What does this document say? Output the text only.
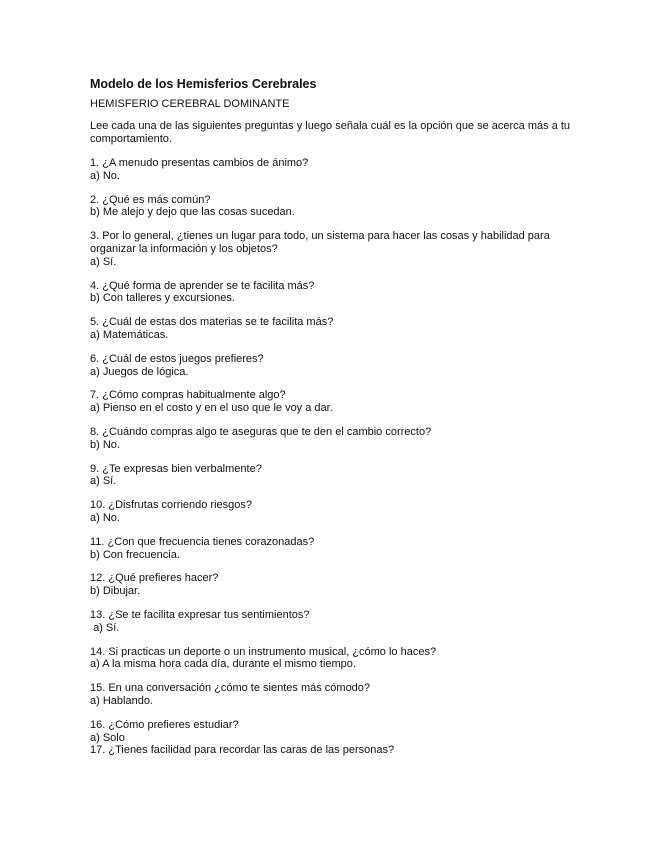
Modelo de los Hemisferios Cerebrales
HEMISFERIO CEREBRAL DOMINANTE
Lee cada una de las siguientes preguntas y luego señala cuál es la opción que se acerca más a tu comportamiento.
1. ¿A menudo presentas cambios de ánimo?
a) No.
2. ¿Qué es más común?
b) Me alejo y dejo que las cosas sucedan.
3. Por lo general, ¿tienes un lugar para todo, un sistema para hacer las cosas y habilidad para organizar la información y los objetos?
a) Sí.
4. ¿Qué forma de aprender se te facilita más?
b) Con talleres y excursiones.
5. ¿Cuál de estas dos materias se te facilita más?
a) Matemáticas.
6. ¿Cuál de estos juegos prefieres?
a) Juegos de lógica.
7. ¿Cómo compras habitualmente algo?
a) Pienso en el costo y en el uso que le voy a dar.
8. ¿Cuándo compras algo te aseguras que te den el cambio correcto?
b) No.
9. ¿Te expresas bien verbalmente?
a) Sí.
10. ¿Disfrutas corriendo riesgos?
a) No.
11. ¿Con que frecuencia tienes corazonadas?
b) Con frecuencia.
12. ¿Qué prefieres hacer?
b) Dibujar.
13. ¿Se te facilita expresar tus sentimientos?
a) Sí.
14. Si practicas un deporte o un instrumento musical, ¿cómo lo haces?
a) A la misma hora cada día, durante el mismo tiempo.
15. En una conversación ¿cómo te sientes más cómodo?
a) Hablando.
16. ¿Cómo prefieres estudiar?
a) Solo
17. ¿Tienes facilidad para recordar las caras de las personas?
